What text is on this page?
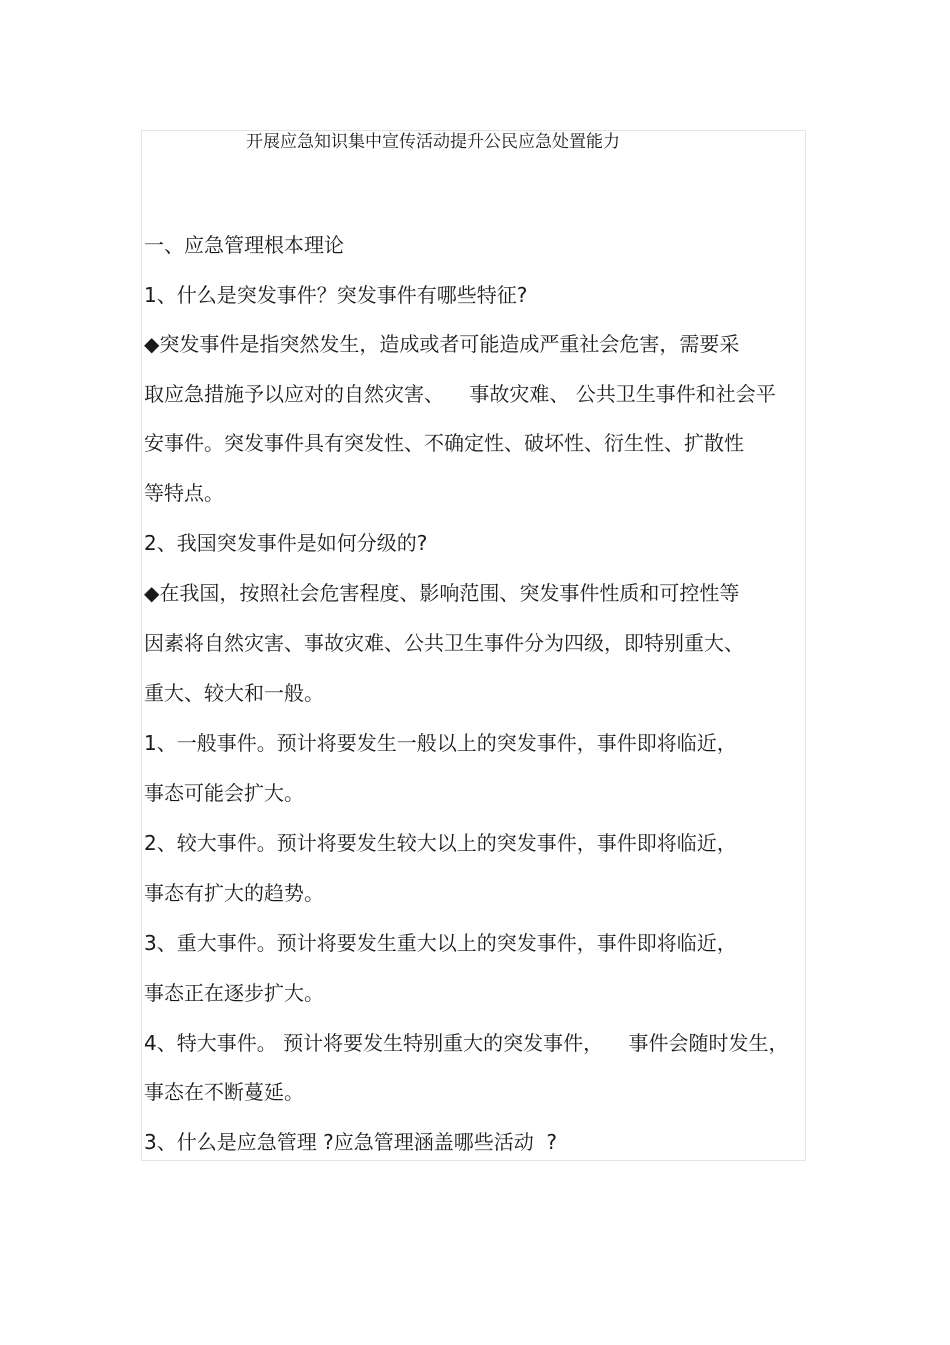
开展应急知识集中宣传活动提升公民应急处置能力
一、应急管理根本理论
1、什么是突发事件？突发事件有哪些特征?
◆突发事件是指突然发生，造成或者可能造成严重社会危害，需要采
取应急措施予以应对的自然灾害、    事故灾难、 公共卫生事件和社会平
安事件。突发事件具有突发性、不确定性、破坏性、衍生性、扩散性
等特点。
2、我国突发事件是如何分级的?
◆在我国，按照社会危害程度、影响范围、突发事件性质和可控性等
因素将自然灾害、事故灾难、公共卫生事件分为四级，即特别重大、
重大、较大和一般。
1、一般事件。预计将要发生一般以上的突发事件，事件即将临近，
事态可能会扩大。
2、较大事件。预计将要发生较大以上的突发事件，事件即将临近，
事态有扩大的趋势。
3、重大事件。预计将要发生重大以上的突发事件，事件即将临近，
事态正在逐步扩大。
4、特大事件。 预计将要发生特别重大的突发事件，    事件会随时发生，
事态在不断蔓延。
3、什么是应急管理 ?应急管理涵盖哪些活动  ?
